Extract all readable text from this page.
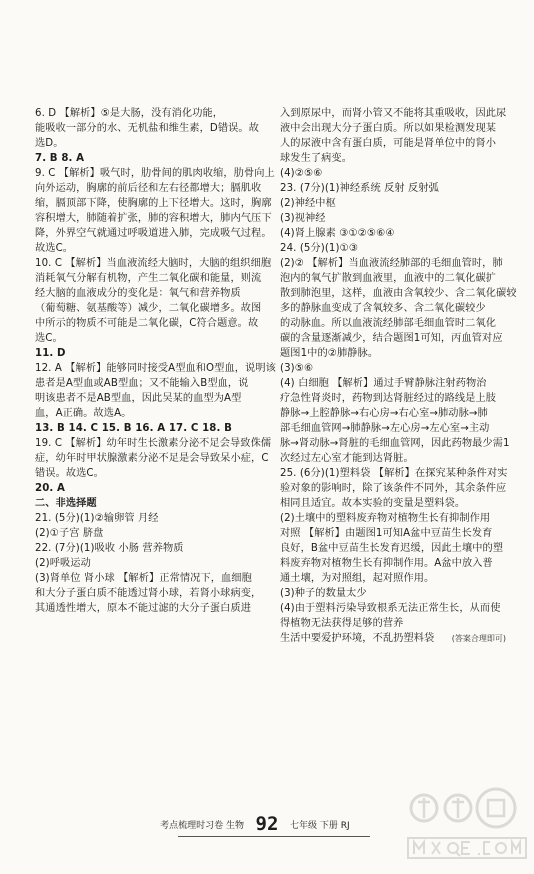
6. D 【解析】⑤是大肠，没有消化功能，
能吸收一部分的水、无机盐和维生素，D错误。故
选D。
7. B 8. A
9. C 【解析】吸气时，肋骨间的肌肉收缩，肋骨向上
向外运动，胸廓的前后径和左右径都增大；膈肌收
缩，膈顶部下降，使胸廓的上下径增大。这时，胸廓
容积增大，肺随着扩张，肺的容积增大，肺内气压下
降，外界空气就通过呼吸道进入肺，完成吸气过程。
故选C。
10. C 【解析】当血液流经大脑时，大脑的组织细胞
消耗氧气分解有机物，产生二氧化碳和能量，则流
经大脑的血液成分的变化是：氧气和营养物质
（葡萄糖、氨基酸等）减少，二氧化碳增多。故图
中所示的物质不可能是二氧化碳，C符合题意。故
选C。
11. D
12. A 【解析】能够同时接受A型血和O型血，说明该
患者是A型血或AB型血；又不能输入B型血，说
明该患者不是AB型血，因此吴某的血型为A型
血，A正确。故选A。
13. B 14. C 15. B 16. A 17. C 18. B
19. C 【解析】幼年时生长激素分泌不足会导致侏儒
症，幼年时甲状腺激素分泌不足是会导致呆小症，C
错误。故选C。
20. A
二、非选择题
21. (5分)(1)②输卵管 月经
(2)①子宫 脐盘
22. (7分)(1)吸收 小肠 营养物质
(2)呼吸运动
(3)肾单位 肾小球 【解析】正常情况下，血细胞
和大分子蛋白质不能透过肾小球，若肾小球病变，
其通透性增大，原本不能过滤的大分子蛋白质进
入到原尿中，而肾小管又不能将其重吸收，因此尿
液中会出现大分子蛋白质。所以如果检测发现某
人的尿液中含有蛋白质，可能是肾单位中的肾小
球发生了病变。
(4)②⑤⑥
23. (7分)(1)神经系统 反射 反射弧
(2)神经中枢
(3)视神经
(4)肾上腺素 ③①②⑤⑥④
24. (5分)(1)①③
(2)② 【解析】当血液流经肺部的毛细血管时，肺
泡内的氧气扩散到血液里，血液中的二氧化碳扩
散到肺泡里，这样，血液由含氧较少、含二氧化碳较
多的静脉血变成了含氧较多、含二氧化碳较少
的动脉血。所以血液流经肺部毛细血管时二氧化
碳的含量逐渐减少，结合题图1可知，丙血管对应
题图1中的②肺静脉。
(3)⑤⑥
(4) 白细胞 【解析】通过手臂静脉注射药物治
疗急性肾炎时，药物到达肾脏经过的路线是上肢
静脉→上腔静脉→右心房→右心室→肺动脉→肺
部毛细血管网→肺静脉→左心房→左心室→主动
脉→肾动脉→肾脏的毛细血管网，因此药物最少需1
次经过左心室才能到达肾脏。
25. (6分)(1)塑料袋 【解析】在探究某种条件对实
验对象的影响时，除了该条件不同外，其余条件应
相同且适宜。故本实验的变量是塑料袋。
(2)土壤中的塑料废弃物对植物生长有抑制作用
对照 【解析】由题图1可知A盆中豆苗生长发育
良好，B盆中豆苗生长发育迟缓，因此土壤中的塑
料废弃物对植物生长有抑制作用。A盆中放入普
通土壤，为对照组，起对照作用。
(3)种子的数量太少
(4)由于塑料污染导致根系无法正常生长，从而使
得植物无法获得足够的营养
生活中要爱护环境，不乱扔塑料袋 (答案合理即可)
考点梳理时习卷 生物 92	七年级 下册 RJ
